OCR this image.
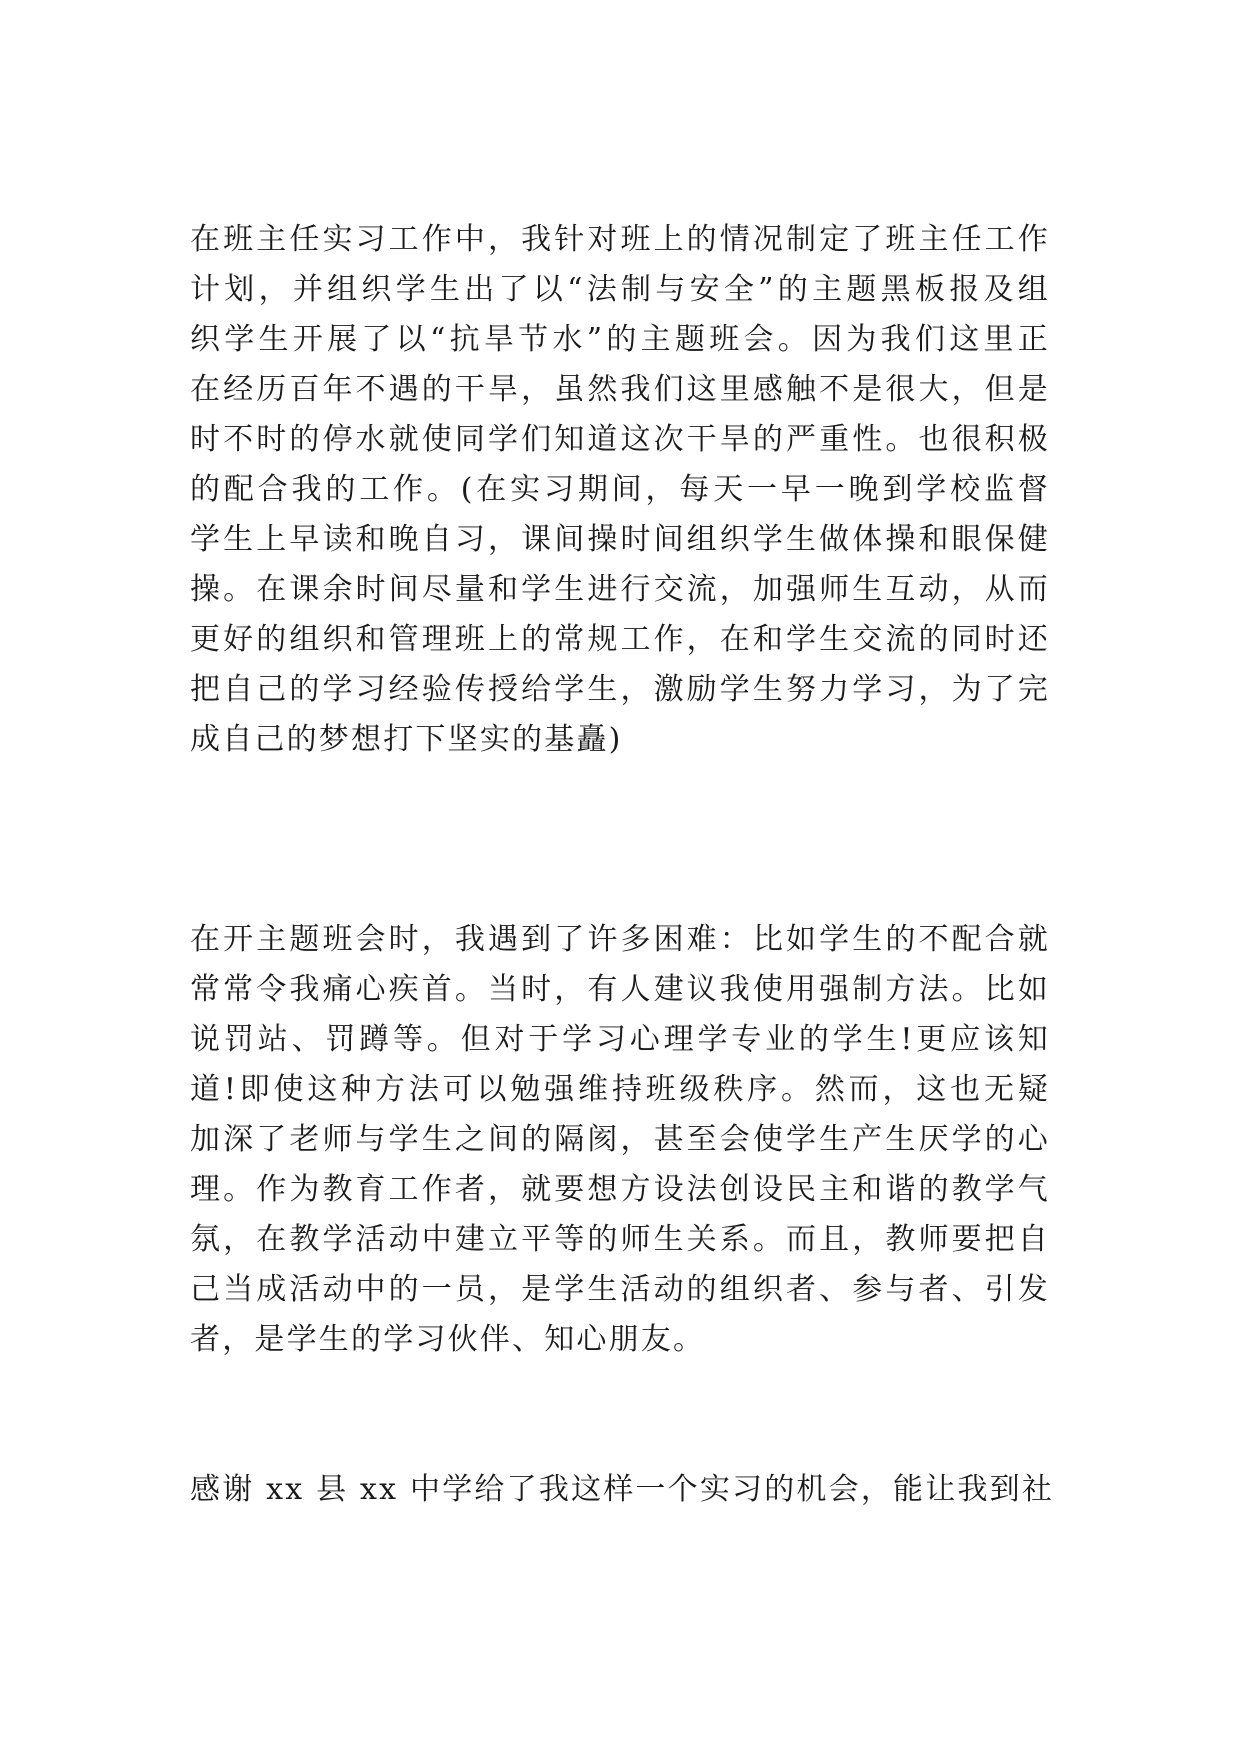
在班主任实习工作中，我针对班上的情况制定了班主任工作
计划，并组织学生出了以“法制与安全”的主题黑板报及组
织学生开展了以“抗旱节水”的主题班会。因为我们这里正
在经历百年不遇的干旱，虽然我们这里感触不是很大，但是
时不时的停水就使同学们知道这次干旱的严重性。也很积极
的配合我的工作。(在实习期间，每天一早一晚到学校监督
学生上早读和晚自习，课间操时间组织学生做体操和眼保健
操。在课余时间尽量和学生进行交流，加强师生互动，从而
更好的组织和管理班上的常规工作，在和学生交流的同时还
把自己的学习经验传授给学生，激励学生努力学习，为了完
成自己的梦想打下坚实的基矗)
在开主题班会时，我遇到了许多困难：比如学生的不配合就
常常令我痛心疾首。当时，有人建议我使用强制方法。比如
说罚站、罚蹲等。但对于学习心理学专业的学生!更应该知
道!即使这种方法可以勉强维持班级秩序。然而，这也无疑
加深了老师与学生之间的隔阂，甚至会使学生产生厌学的心
理。作为教育工作者，就要想方设法创设民主和谐的教学气
氛，在教学活动中建立平等的师生关系。而且，教师要把自
己当成活动中的一员，是学生活动的组织者、参与者、引发
者，是学生的学习伙伴、知心朋友。
感谢 xx 县 xx 中学给了我这样一个实习的机会，能让我到社
